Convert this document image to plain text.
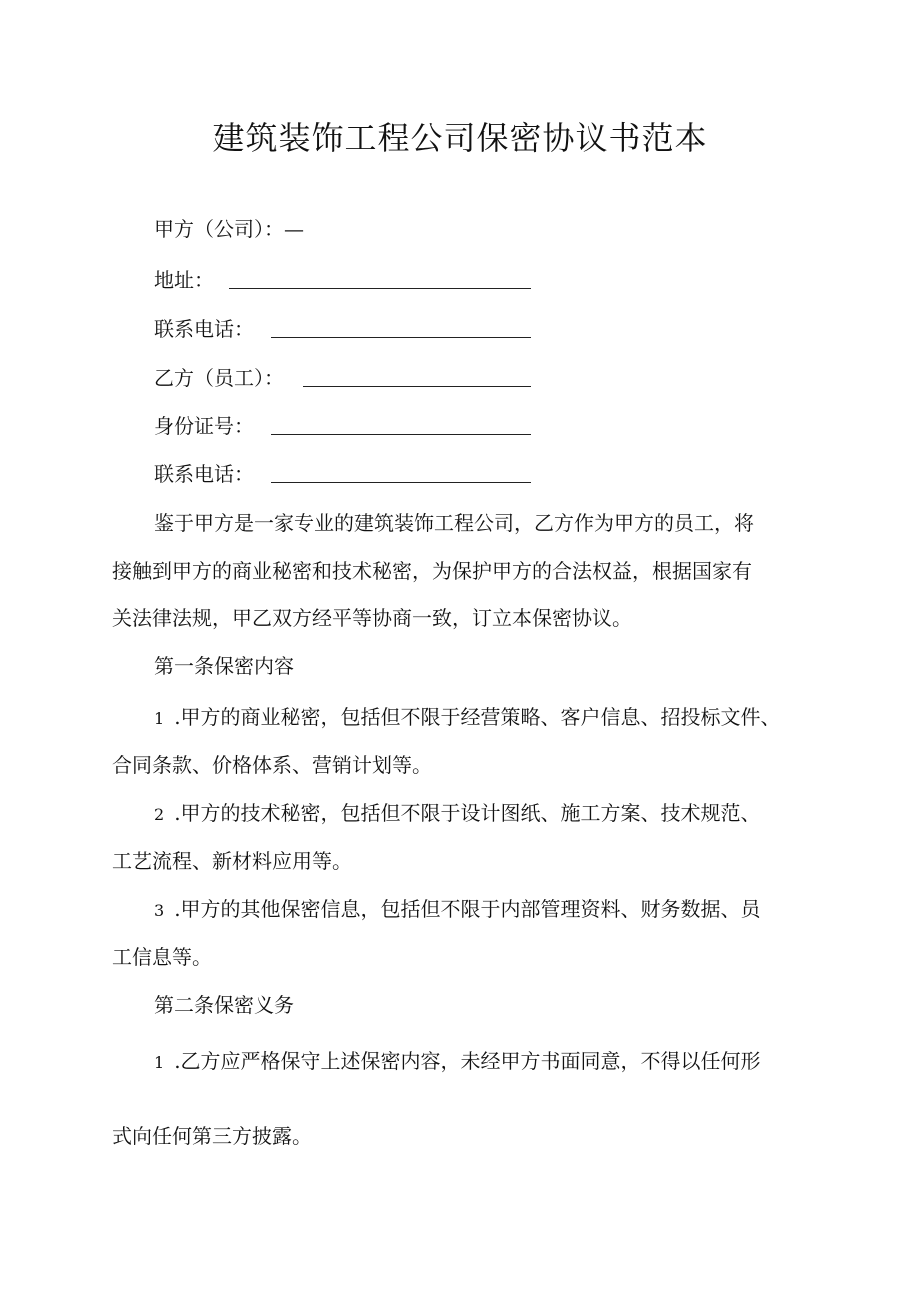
建筑装饰工程公司保密协议书范本
甲方（公司）：—
地址：
联系电话：
乙方（员工）：
身份证号：
联系电话：
鉴于甲方是一家专业的建筑装饰工程公司，乙方作为甲方的员工，将
接触到甲方的商业秘密和技术秘密，为保护甲方的合法权益，根据国家有
关法律法规，甲乙双方经平等协商一致，订立本保密协议。
第一条保密内容
1 .甲方的商业秘密，包括但不限于经营策略、客户信息、招投标文件、
合同条款、价格体系、营销计划等。
2 .甲方的技术秘密，包括但不限于设计图纸、施工方案、技术规范、
工艺流程、新材料应用等。
3 .甲方的其他保密信息，包括但不限于内部管理资料、财务数据、员
工信息等。
第二条保密义务
1 .乙方应严格保守上述保密内容，未经甲方书面同意，不得以任何形
式向任何第三方披露。
